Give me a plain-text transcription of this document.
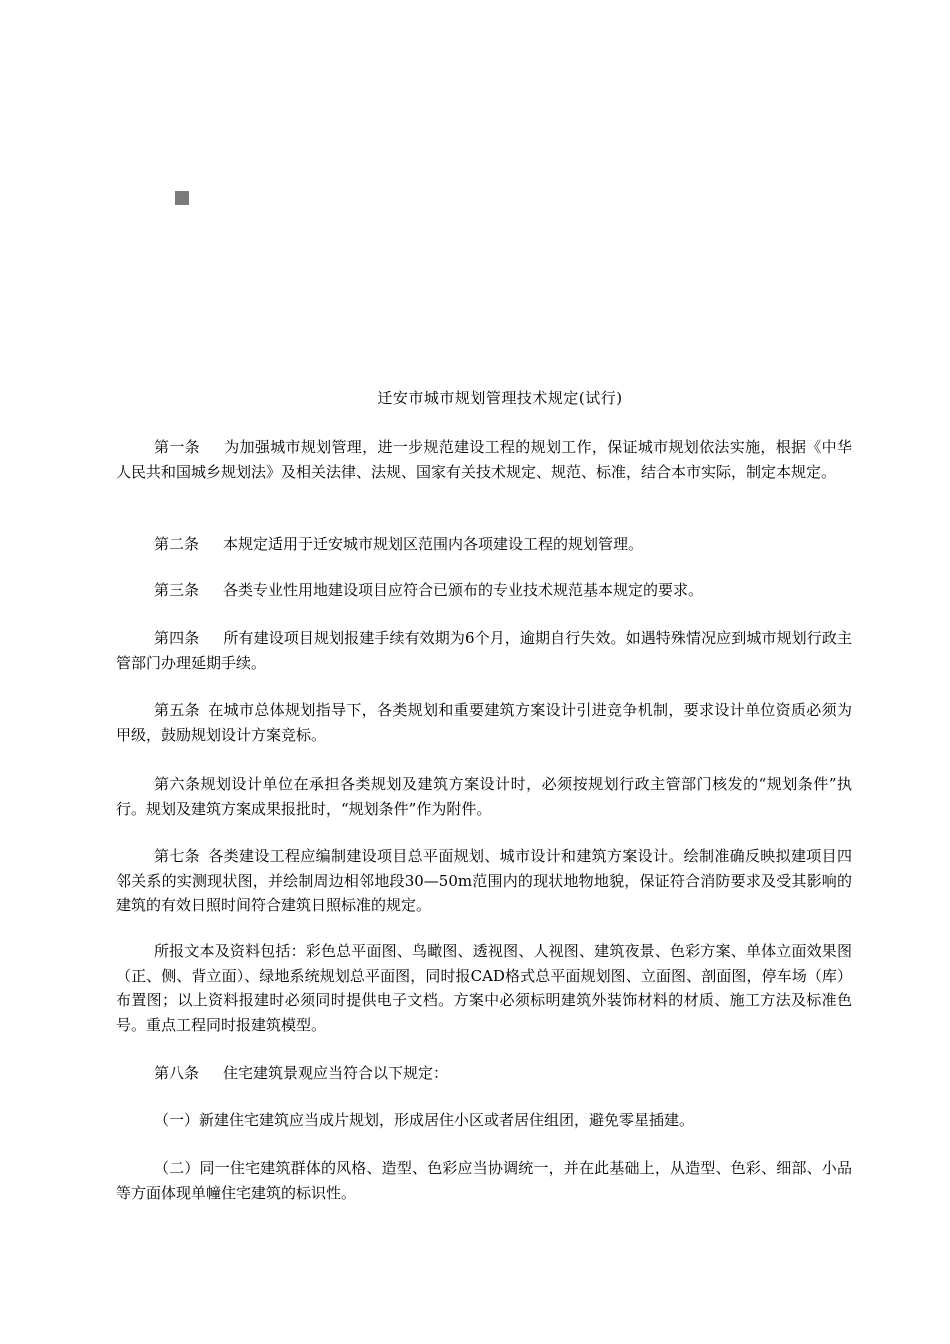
迁安市城市规划管理技术规定(试行)

第一条 为加强城市规划管理，进一步规范建设工程的规划工作，保证城市规划依法实施，根据《中华人民共和国城乡规划法》及相关法律、法规、国家有关技术规定、规范、标准，结合本市实际，制定本规定。

第二条 本规定适用于迁安城市规划区范围内各项建设工程的规划管理。

第三条 各类专业性用地建设项目应符合已颁布的专业技术规范基本规定的要求。

第四条 所有建设项目规划报建手续有效期为6个月，逾期自行失效。如遇特殊情况应到城市规划行政主管部门办理延期手续。

第五条 在城市总体规划指导下，各类规划和重要建筑方案设计引进竞争机制，要求设计单位资质必须为甲级，鼓励规划设计方案竞标。

第六条规划设计单位在承担各类规划及建筑方案设计时，必须按规划行政主管部门核发的“规划条件”执行。规划及建筑方案成果报批时，“规划条件”作为附件。

第七条 各类建设工程应编制建设项目总平面规划、城市设计和建筑方案设计。绘制准确反映拟建项目四邻关系的实测现状图，并绘制周边相邻地段30—50m范围内的现状地物地貌，保证符合消防要求及受其影响的建筑的有效日照时间符合建筑日照标准的规定。

所报文本及资料包括：彩色总平面图、鸟瞰图、透视图、人视图、建筑夜景、色彩方案、单体立面效果图（正、侧、背立面）、绿地系统规划总平面图，同时报CAD格式总平面规划图、立面图、剖面图，停车场（库）布置图；以上资料报建时必须同时提供电子文档。方案中必须标明建筑外装饰材料的材质、施工方法及标准色号。重点工程同时报建筑模型。

第八条 住宅建筑景观应当符合以下规定：

（一）新建住宅建筑应当成片规划，形成居住小区或者居住组团，避免零星插建。

（二）同一住宅建筑群体的风格、造型、色彩应当协调统一，并在此基础上，从造型、色彩、细部、小品等方面体现单幢住宅建筑的标识性。
